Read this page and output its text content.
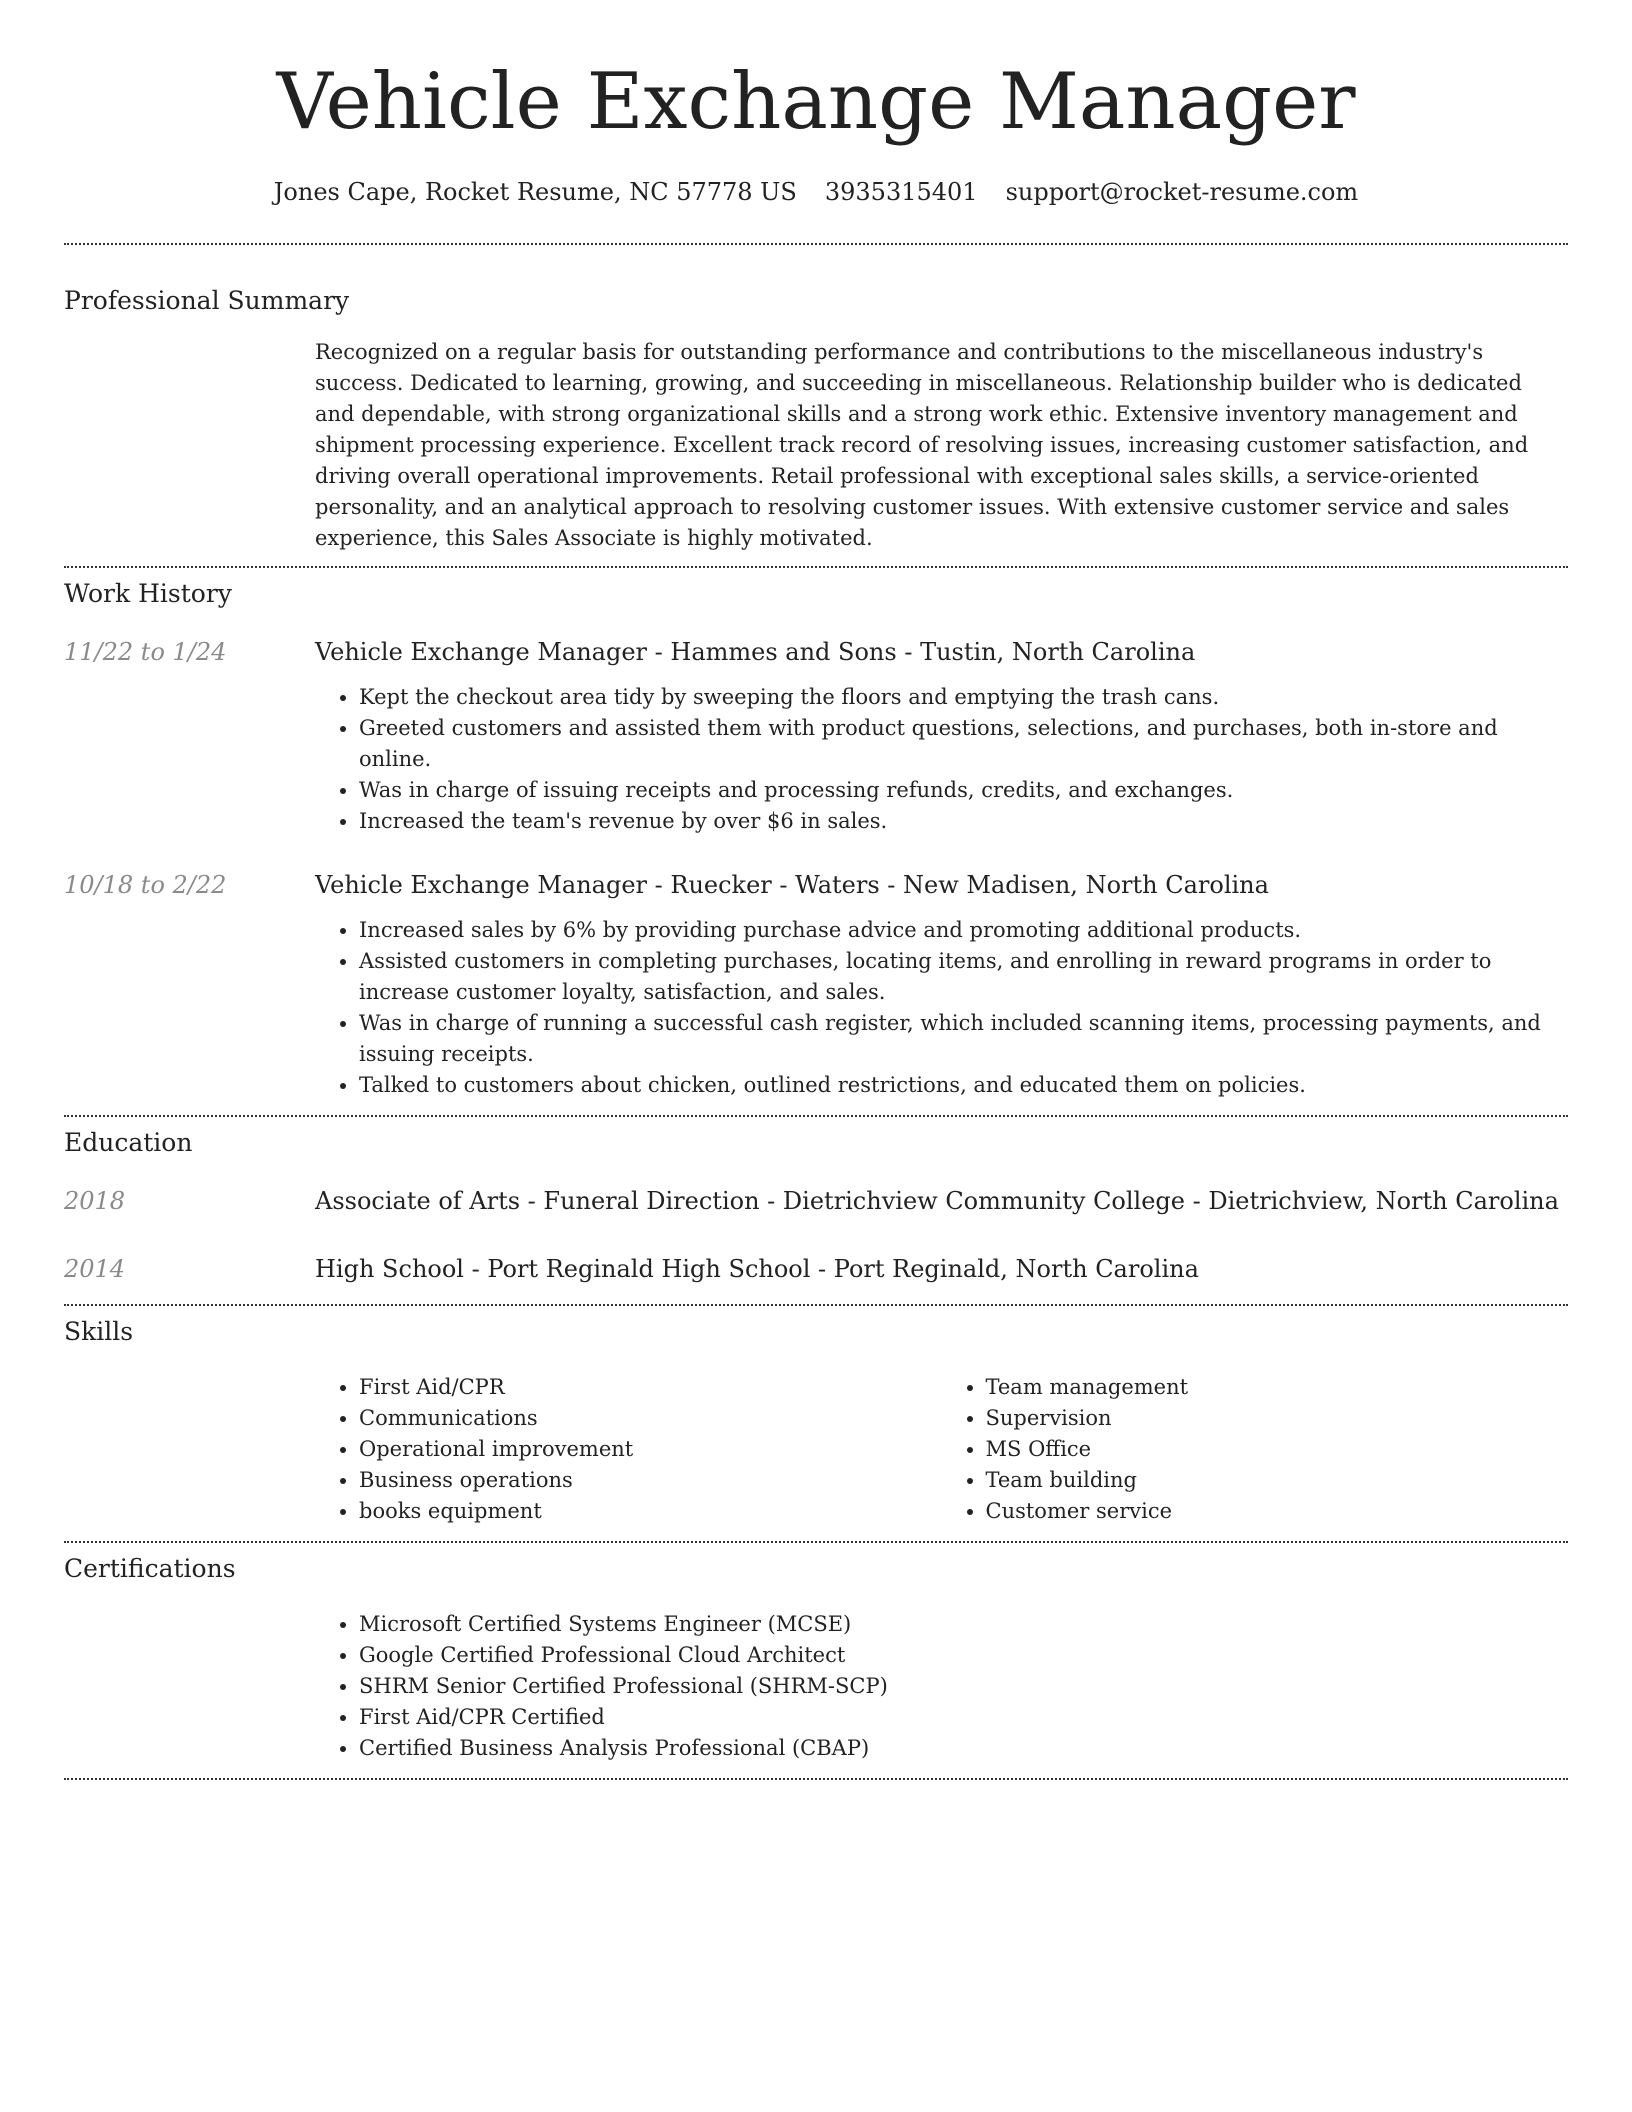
Vehicle Exchange Manager
Jones Cape, Rocket Resume, NC 57778 US 3935315401 support@rocket-resume.com
Professional Summary

Recognized on a regular basis for outstanding performance and contributions to the miscellaneous industry's success. Dedicated to learning, growing, and succeeding in miscellaneous. Relationship builder who is dedicated and dependable, with strong organizational skills and a strong work ethic. Extensive inventory management and shipment processing experience. Excellent track record of resolving issues, increasing customer satisfaction, and driving overall operational improvements. Retail professional with exceptional sales skills, a service-oriented personality, and an analytical approach to resolving customer issues. With extensive customer service and sales experience, this Sales Associate is highly motivated.

Work History
11/22 to 1/24	Vehicle Exchange Manager - Hammes and Sons - Tustin, North Carolina
• Kept the checkout area tidy by sweeping the floors and emptying the trash cans.
• Greeted customers and assisted them with product questions, selections, and purchases, both in-store and online.
• Was in charge of issuing receipts and processing refunds, credits, and exchanges.
• Increased the team's revenue by over $6 in sales.
10/18 to 2/22	Vehicle Exchange Manager - Ruecker - Waters - New Madisen, North Carolina
• Increased sales by 6% by providing purchase advice and promoting additional products.
• Assisted customers in completing purchases, locating items, and enrolling in reward programs in order to increase customer loyalty, satisfaction, and sales.
• Was in charge of running a successful cash register, which included scanning items, processing payments, and issuing receipts.
• Talked to customers about chicken, outlined restrictions, and educated them on policies.
Education
2018	Associate of Arts - Funeral Direction - Dietrichview Community College - Dietrichview, North Carolina
2014	High School - Port Reginald High School - Port Reginald, North Carolina
Skills
• First Aid/CPR
• Communications
• Operational improvement
• Business operations
• books equipment
• Team management
• Supervision
• MS Office
• Team building
• Customer service
Certifications
• Microsoft Certified Systems Engineer (MCSE)
• Google Certified Professional Cloud Architect
• SHRM Senior Certified Professional (SHRM-SCP)
• First Aid/CPR Certified
• Certified Business Analysis Professional (CBAP)
